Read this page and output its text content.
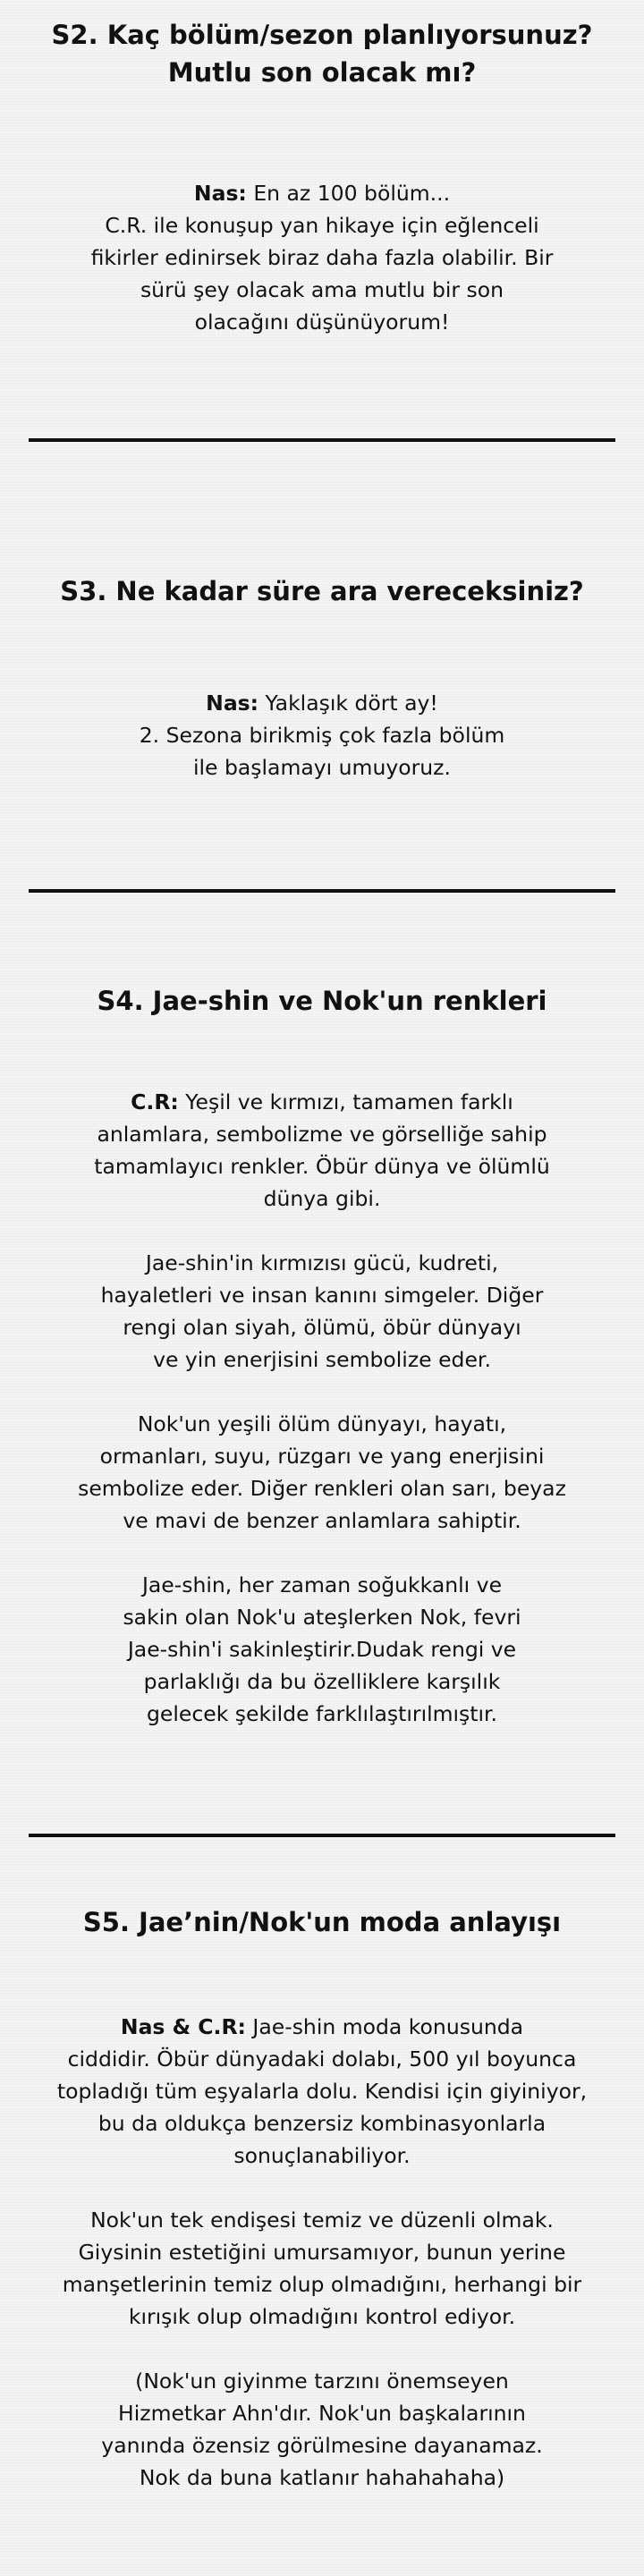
S2. Kaç bölüm/sezon planlıyorsunuz?
Mutlu son olacak mı?

Nas: En az 100 bölüm...
C.R. ile konuşup yan hikaye için eğlenceli
fikirler edinirsek biraz daha fazla olabilir. Bir
sürü şey olacak ama mutlu bir son
olacağını düşünüyorum!

S3. Ne kadar süre ara vereceksiniz?

Nas: Yaklaşık dört ay!
2. Sezona birikmiş çok fazla bölüm
ile başlamayı umuyoruz.

S4. Jae-shin ve Nok'un renkleri

C.R: Yeşil ve kırmızı, tamamen farklı
anlamlara, sembolizme ve görselliğe sahip
tamamlayıcı renkler. Öbür dünya ve ölümlü
dünya gibi.

Jae-shin'in kırmızısı gücü, kudreti,
hayaletleri ve insan kanını simgeler. Diğer
rengi olan siyah, ölümü, öbür dünyayı
ve yin enerjisini sembolize eder.

Nok'un yeşili ölüm dünyayı, hayatı,
ormanları, suyu, rüzgarı ve yang enerjisini
sembolize eder. Diğer renkleri olan sarı, beyaz
ve mavi de benzer anlamlara sahiptir.

Jae-shin, her zaman soğukkanlı ve
sakin olan Nok'u ateşlerken Nok, fevri
Jae-shin'i sakinleştirir.Dudak rengi ve
parlaklığı da bu özelliklere karşılık
gelecek şekilde farklılaştırılmıştır.

S5. Jae’nin/Nok'un moda anlayışı

Nas & C.R: Jae-shin moda konusunda
ciddidir. Öbür dünyadaki dolabı, 500 yıl boyunca
topladığı tüm eşyalarla dolu. Kendisi için giyiniyor,
bu da oldukça benzersiz kombinasyonlarla
sonuçlanabiliyor.

Nok'un tek endişesi temiz ve düzenli olmak.
Giysinin estetiğini umursamıyor, bunun yerine
manşetlerinin temiz olup olmadığını, herhangi bir
kırışık olup olmadığını kontrol ediyor.

(Nok'un giyinme tarzını önemseyen
Hizmetkar Ahn'dır. Nok'un başkalarının
yanında özensiz görülmesine dayanamaz.
Nok da buna katlanır hahahahaha)
